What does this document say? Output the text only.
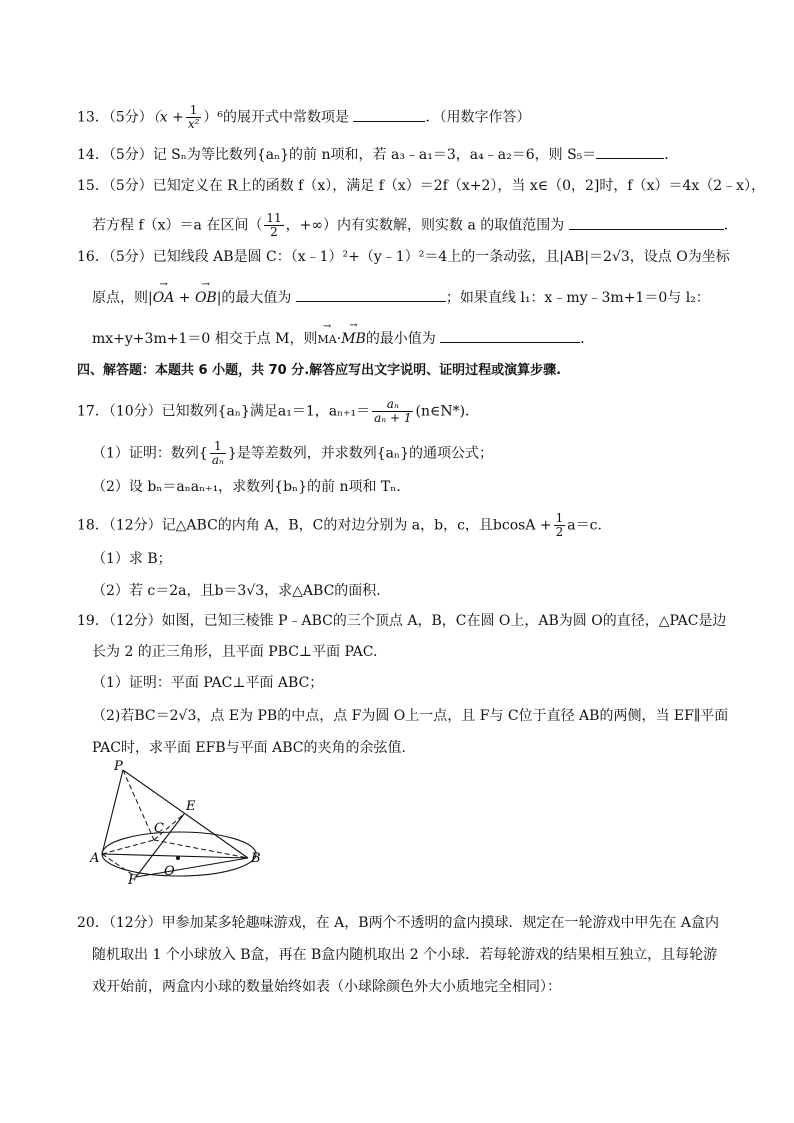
13．（5分）$(x + \frac{1}{\text{x²}} )^6$的展开式中常数项是	．（用数字作答）
14．（5分）记 Sₙ为等比数列{aₙ}的前 n项和，若 a₃﹣a₁＝3，a₄﹣a₂＝6，则 S₅＝	．
15．（5分）已知定义在 R上的函数 f（x），满足 f（x）＝2f（x+2），当 x∈（0，2]时，f（x）＝4x（2﹣x），
若方程 f（x）＝a 在区间（ $\frac{11}{2}$ ，+∞）内有实数解，则实数 a 的取值范围为	．
16．（5分）已知线段 AB是圆 C：（x﹣1）²+（y﹣1）²＝4上的一条动弦，且|AB|＝2√3，设点 O为坐标
原点，则|→ OA + → OB|的最大值为	；如果直线 l₁：x﹣my﹣3m+1＝0与 l₂：
mx+y+3m+1＝0 相交于点 M，则→ MA·→ MB的最小值为	．
四、解答题：本题共 6 小题，共 70 分.解答应写出文字说明、证明过程或演算步骤.
17．（10分）已知数列{aₙ}满足a₁＝1，$a_{n+1}= \frac{\text{aₙ}}{\text{aₙ + 1}}$ (n∈N*)．
（1）证明：数列{ $\frac{1}{\text{aₙ}}$ }是等差数列，并求数列{aₙ}的通项公式；
（2）设 bₙ＝aₙaₙ₊₁，求数列{bₙ}的前 n项和 Tₙ.
18．（12分）记△ABC的内角 A，B，C的对边分别为 a，b，c，且$bcosA + \frac{1}{2} a=c$.
（1）求 B；
（2）若 c＝2a，且b＝3√3，求△ABC的面积.
19．（12分）如图，已知三棱锥 P﹣ABC的三个顶点 A，B，C在圆 O上，AB为圆 O的直径，△PAC是边
长为 2 的正三角形，且平面 PBC⊥平面 PAC.
（1）证明：平面 PAC⊥平面 ABC；
（2)若BC＝2√3，点 E为 PB的中点，点 F为圆 O上一点，且 F与 C位于直径 AB的两侧，当 EF∥平面
PAC时，求平面 EFB与平面 ABC的夹角的余弦值.
P
E
C
A	B
O
F
20．（12分）甲参加某多轮趣味游戏，在 A，B两个不透明的盒内摸球．规定在一轮游戏中甲先在 A盒内
随机取出 1 个小球放入 B盒，再在 B盒内随机取出 2 个小球．若每轮游戏的结果相互独立，且每轮游
戏开始前，两盒内小球的数量始终如表（小球除颜色外大小质地完全相同）：
